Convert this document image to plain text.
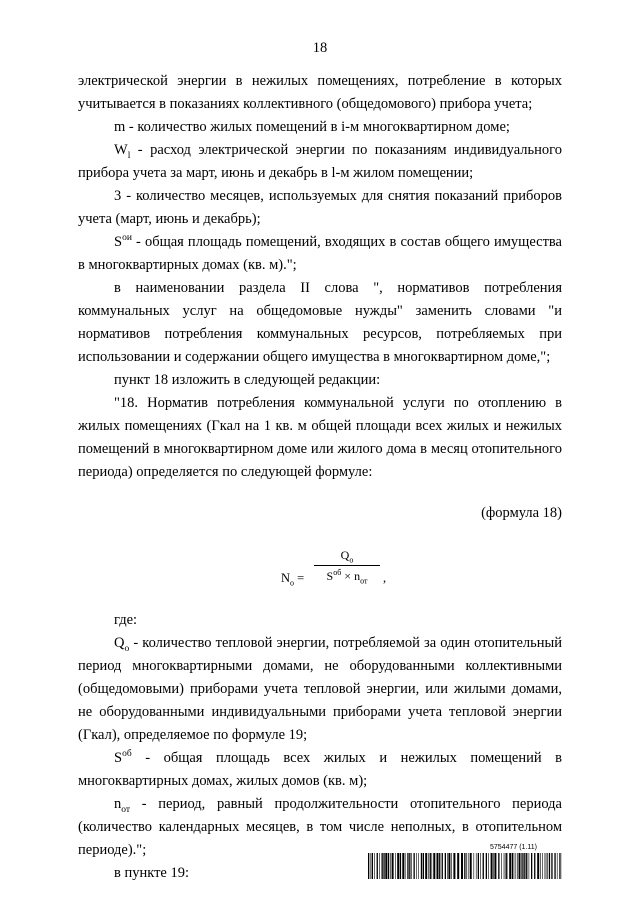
18

электрической энергии в нежилых помещениях, потребление в которых учитывается в показаниях коллективного (общедомового) прибора учета;

m - количество жилых помещений в i-м многоквартирном доме;

$W_l$ - расход электрической энергии по показаниям индивидуального прибора учета за март, июнь и декабрь в l-м жилом помещении;

3 - количество месяцев, используемых для снятия показаний приборов учета (март, июнь и декабрь);

$S^{ои}$ - общая площадь помещений, входящих в состав общего имущества в многоквартирных домах (кв. м).";

в наименовании раздела II слова ", нормативов потребления коммунальных услуг на общедомовые нужды" заменить словами "и нормативов потребления коммунальных ресурсов, потребляемых при использовании и содержании общего имущества в многоквартирном доме,";

пункт 18 изложить в следующей редакции:

"18. Норматив потребления коммунальной услуги по отоплению в жилых помещениях (Гкал на 1 кв. м общей площади всех жилых и нежилых помещений в многоквартирном доме или жилого дома в месяц отопительного периода) определяется по следующей формуле:

(формула 18)
$N_o$ =
$Q_o$
$S^{об} \times n_{от}$	,

где:

$Q_o$ - количество тепловой энергии, потребляемой за один отопительный период многоквартирными домами, не оборудованными коллективными (общедомовыми) приборами учета тепловой энергии, или жилыми домами, не оборудованными индивидуальными приборами учета тепловой энергии (Гкал), определяемое по формуле 19;

$S^{об}$ - общая площадь всех жилых и нежилых помещений в многоквартирных домах, жилых домов (кв. м);

$n_{от}$ - период, равный продолжительности отопительного периода (количество календарных месяцев, в том числе неполных, в отопительном периоде).";

в пункте 19:

5754477 (1.11)
